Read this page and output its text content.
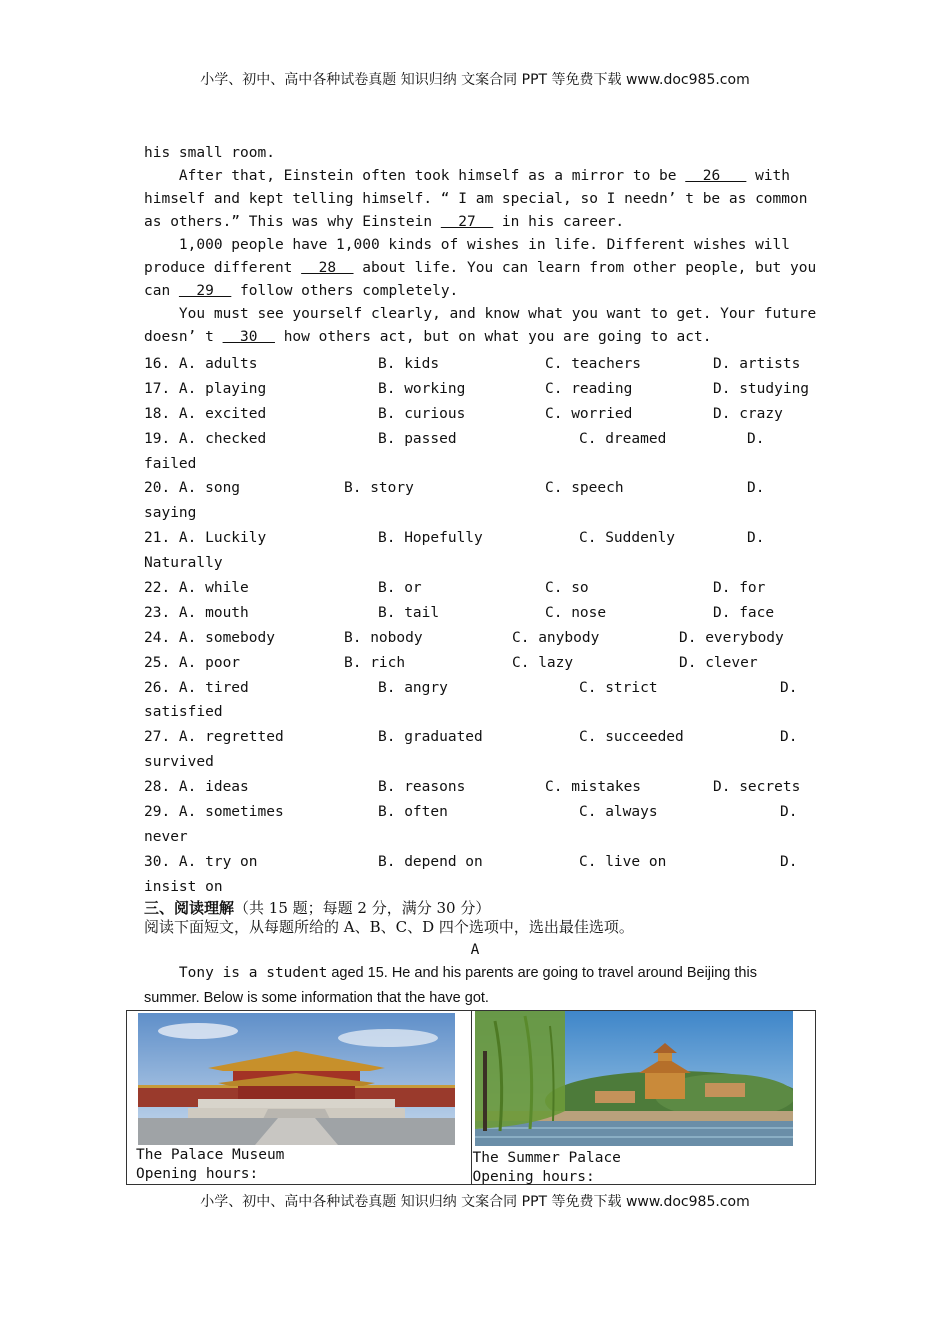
小学、初中、高中各种试卷真题 知识归纳 文案合同 PPT 等免费下载 www.doc985.com
his small room.
After that, Einstein often took himself as a mirror to be   26    with
himself and kept telling himself. “ I am special, so I needn’ t be as common
as others.” This was why Einstein   27   in his career.
1,000 people have 1,000 kinds of wishes in life. Different wishes will
produce different   28   about life. You can learn from other people, but you
can   29   follow others completely.
You must see yourself clearly, and know what you want to get. Your future
doesn’ t   30   how others act, but on what you are going to act.
16. A. adults	B. kids	C. teachers	D. artists
17. A. playing	B. working	C. reading	D. studying
18. A. excited	B. curious	C. worried	D. crazy
19. A. checked	B. passed	C. dreamed	D.
failed
20. A. song	B. story	C. speech	D.
saying
21. A. Luckily	B. Hopefully	C. Suddenly	D.
Naturally
22. A. while	B. or	C. so	D. for
23. A. mouth	B. tail	C. nose	D. face
24. A. somebody	B. nobody	C. anybody	D. everybody
25. A. poor	B. rich	C. lazy	D. clever
26. A. tired	B. angry	C. strict	D.
satisfied
27. A. regretted	B. graduated	C. succeeded	D.
survived
28. A. ideas	B. reasons	C. mistakes	D. secrets
29. A. sometimes	B. often	C. always	D.
never
30. A. try on	B. depend on	C. live on	D.
insist on
三、阅读理解（共 15 题；每题 2 分，满分 30 分）
阅读下面短文，从每题所给的 A、B、C、D 四个选项中，选出最佳选项。
A
Tony is a student aged 15. He and his parents are going to travel around Beijing this
summer. Below is some information that the have got.
The Palace Museum
Opening hours:

The Summer Palace
Opening hours:
小学、初中、高中各种试卷真题 知识归纳 文案合同 PPT 等免费下载 www.doc985.com
